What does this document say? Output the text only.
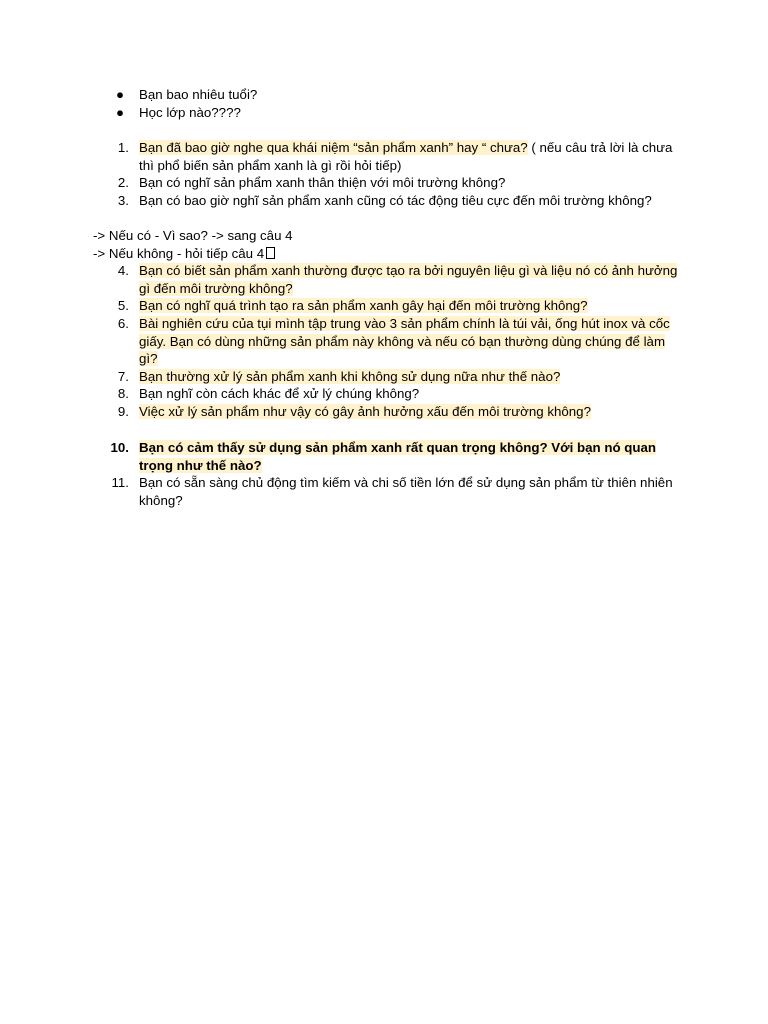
●	Bạn bao nhiêu tuổi?
●	Học lớp nào????
1. Bạn đã bao giờ nghe qua khái niệm “sản phẩm xanh” hay “ chưa? ( nếu câu trả lời là chưa thì phổ biến sản phẩm xanh là gì rồi hỏi tiếp)
2. Bạn có nghĩ sản phẩm xanh thân thiện với môi trường không?
3. Bạn có bao giờ nghĩ sản phẩm xanh cũng có tác động tiêu cực đến môi trường không?
-> Nếu có - Vì sao? -> sang câu 4
-> Nếu không - hỏi tiếp câu 4
4. Bạn có biết sản phẩm xanh thường được tạo ra bởi nguyên liệu gì và liệu nó có ảnh hưởng gì đến môi trường không?
5. Bạn có nghĩ quá trình tạo ra sản phẩm xanh gây hại đến môi trường không?
6. Bài nghiên cứu của tụi mình tập trung vào 3 sản phẩm chính là túi vải, ống hút inox và cốc giấy. Bạn có dùng những sản phẩm này không và nếu có bạn thường dùng chúng để làm gì?
7. Bạn thường xử lý sản phẩm xanh khi không sử dụng nữa như thế nào?
8. Bạn nghĩ còn cách khác để xử lý chúng không?
9. Việc xử lý sản phẩm như vậy có gây ảnh hưởng xấu đến môi trường không?
10. Bạn có cảm thấy sử dụng sản phẩm xanh rất quan trọng không? Với bạn nó quan trọng như thế nào?
11. Bạn có sẵn sàng chủ động tìm kiếm và chi số tiền lớn để sử dụng sản phẩm từ thiên nhiên không?
